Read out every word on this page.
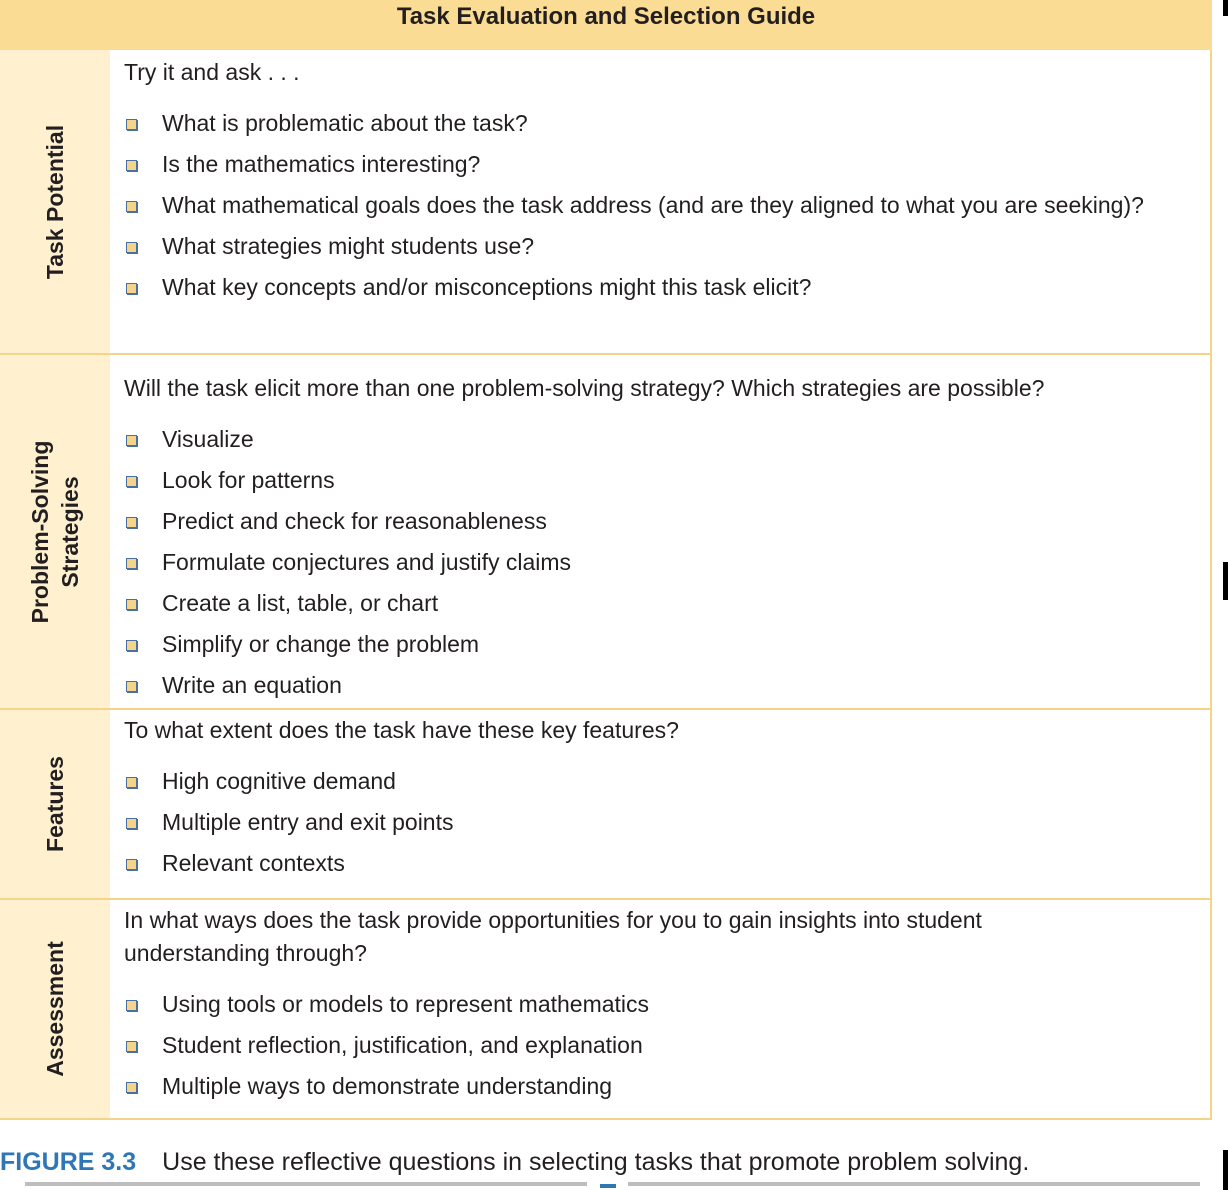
Task Evaluation and Selection Guide
Task Potential

Try it and ask . . .

What is problematic about the task?
Is the mathematics interesting?
What mathematical goals does the task address (and are they aligned to what you are seeking)?
What strategies might students use?
What key concepts and/or misconceptions might this task elicit?
Problem-Solving Strategies

Will the task elicit more than one problem-solving strategy? Which strategies are possible?

Visualize
Look for patterns
Predict and check for reasonableness
Formulate conjectures and justify claims
Create a list, table, or chart
Simplify or change the problem
Write an equation
Features

To what extent does the task have these key features?

High cognitive demand
Multiple entry and exit points
Relevant contexts
Assessment

In what ways does the task provide opportunities for you to gain insights into student understanding through?

Using tools or models to represent mathematics
Student reflection, justification, and explanation
Multiple ways to demonstrate understanding
FIGURE 3.3 Use these reflective questions in selecting tasks that promote problem solving.
